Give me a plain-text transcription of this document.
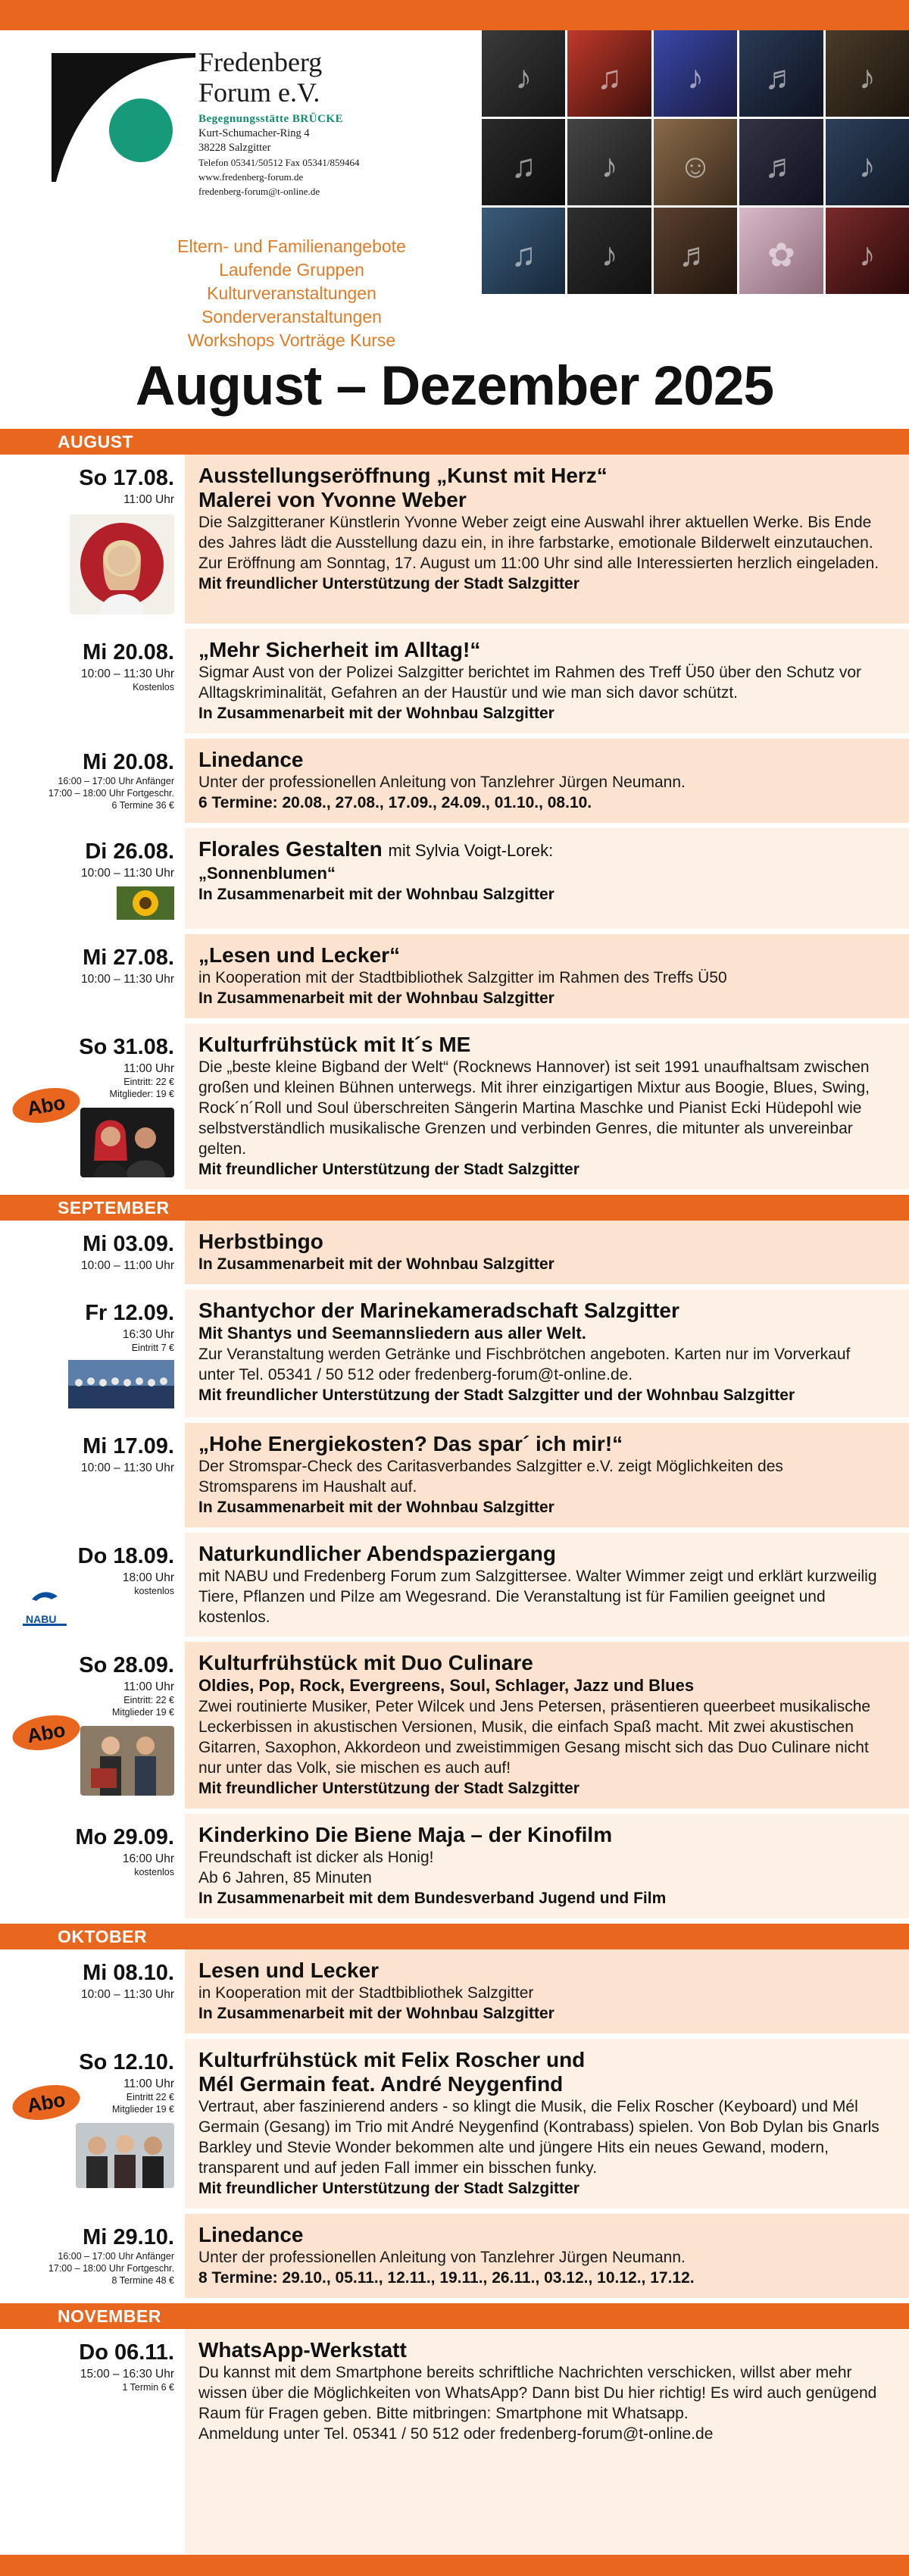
Fredenberg
Forum e.V.
Begegnungsstätte BRÜCKE
Kurt-Schumacher-Ring 4
38228 Salzgitter
Telefon 05341/50512 Fax 05341/859464
www.fredenberg-forum.de
fredenberg-forum@t-online.de
Eltern- und Familienangebote
Laufende Gruppen
Kulturveranstaltungen
Sonderveranstaltungen
Workshops Vorträge Kurse
♪ ♫ ♪ ♬ ♪
♫ ♪ ☺ ♬ ♪
♫ ♪ ♬ ✿ ♪
August – Dezember 2025
AUGUST
So 17.08.
11:00 Uhr
Ausstellungseröffnung „Kunst mit Herz“
Malerei von Yvonne Weber
Die Salzgitteraner Künstlerin Yvonne Weber zeigt eine Auswahl ihrer aktuellen Werke. Bis Ende des Jahres lädt die Ausstellung dazu ein, in ihre farbstarke, emotionale Bilderwelt einzutauchen.
Zur Eröffnung am Sonntag, 17. August um 11:00 Uhr sind alle Interessierten herzlich eingeladen.
Mit freundlicher Unterstützung der Stadt Salzgitter
Mi 20.08.
10:00 – 11:30 Uhr
Kostenlos
„Mehr Sicherheit im Alltag!“
Sigmar Aust von der Polizei Salzgitter berichtet im Rahmen des Treff Ü50 über den Schutz vor Alltagskriminalität, Gefahren an der Haustür und wie man sich davor schützt.
In Zusammenarbeit mit der Wohnbau Salzgitter
Mi 20.08.
16:00 – 17:00 Uhr Anfänger
17:00 – 18:00 Uhr Fortgeschr.
6 Termine 36 €
Linedance
Unter der professionellen Anleitung von Tanzlehrer Jürgen Neumann.
6 Termine: 20.08., 27.08., 17.09., 24.09., 01.10., 08.10.
Di 26.08.
10:00 – 11:30 Uhr
Florales Gestalten mit Sylvia Voigt-Lorek:
„Sonnenblumen“
In Zusammenarbeit mit der Wohnbau Salzgitter
Mi 27.08.
10:00 – 11:30 Uhr
„Lesen und Lecker“
in Kooperation mit der Stadtbibliothek Salzgitter im Rahmen des Treffs Ü50
In Zusammenarbeit mit der Wohnbau Salzgitter
So 31.08.
11:00 Uhr
Eintritt: 22 €
Mitglieder: 19 €
Abo
Kulturfrühstück mit It´s ME
Die „beste kleine Bigband der Welt“ (Rocknews Hannover) ist seit 1991 unaufhaltsam zwischen großen und kleinen Bühnen unterwegs. Mit ihrer einzigartigen Mixtur aus Boogie, Blues, Swing, Rock´n´Roll und Soul überschreiten Sängerin Martina Maschke und Pianist Ecki Hüdepohl wie selbstverständlich musikalische Grenzen und verbinden Genres, die mitunter als unvereinbar gelten.
Mit freundlicher Unterstützung der Stadt Salzgitter
SEPTEMBER
Mi 03.09.
10:00 – 11:00 Uhr
Herbstbingo
In Zusammenarbeit mit der Wohnbau Salzgitter
Fr 12.09.
16:30 Uhr
Eintritt 7 €
Shantychor der Marinekameradschaft Salzgitter
Mit Shantys und Seemannsliedern aus aller Welt.
Zur Veranstaltung werden Getränke und Fischbrötchen angeboten. Karten nur im Vorverkauf unter Tel. 05341 / 50 512 oder fredenberg-forum@t-online.de.
Mit freundlicher Unterstützung der Stadt Salzgitter und der Wohnbau Salzgitter
Mi 17.09.
10:00 – 11:30 Uhr
„Hohe Energiekosten? Das spar´ ich mir!“
Der Stromspar-Check des Caritasverbandes Salzgitter e.V. zeigt Möglichkeiten des Stromsparens im Haushalt auf.
In Zusammenarbeit mit der Wohnbau Salzgitter
Do 18.09.
18:00 Uhr
kostenlos
NABU
Naturkundlicher Abendspaziergang
mit NABU und Fredenberg Forum zum Salzgittersee. Walter Wimmer zeigt und erklärt kurzweilig Tiere, Pflanzen und Pilze am Wegesrand. Die Veranstaltung ist für Familien geeignet und kostenlos.
So 28.09.
11:00 Uhr
Eintritt: 22 €
Mitglieder 19 €
Abo
Kulturfrühstück mit Duo Culinare
Oldies, Pop, Rock, Evergreens, Soul, Schlager, Jazz und Blues
Zwei routinierte Musiker, Peter Wilcek und Jens Petersen, präsentieren queerbeet musikalische Leckerbissen in akustischen Versionen, Musik, die einfach Spaß macht. Mit zwei akustischen Gitarren, Saxophon, Akkordeon und zweistimmigen Gesang mischt sich das Duo Culinare nicht nur unter das Volk, sie mischen es auch auf!
Mit freundlicher Unterstützung der Stadt Salzgitter
Mo 29.09.
16:00 Uhr
kostenlos
Kinderkino Die Biene Maja – der Kinofilm
Freundschaft ist dicker als Honig!
Ab 6 Jahren, 85 Minuten
In Zusammenarbeit mit dem Bundesverband Jugend und Film
OKTOBER
Mi 08.10.
10:00 – 11:30 Uhr
Lesen und Lecker
in Kooperation mit der Stadtbibliothek Salzgitter
In Zusammenarbeit mit der Wohnbau Salzgitter
So 12.10.
11:00 Uhr
Eintritt 22 €
Mitglieder 19 €
Abo
Kulturfrühstück mit Felix Roscher und
Mél Germain feat. André Neygenfind
Vertraut, aber faszinierend anders - so klingt die Musik, die Felix Roscher (Keyboard) und Mél Germain (Gesang) im Trio mit André Neygenfind (Kontrabass) spielen. Von Bob Dylan bis Gnarls Barkley und Stevie Wonder bekommen alte und jüngere Hits ein neues Gewand, modern, transparent und auf jeden Fall immer ein bisschen funky.
Mit freundlicher Unterstützung der Stadt Salzgitter
Mi 29.10.
16:00 – 17:00 Uhr Anfänger
17:00 – 18:00 Uhr Fortgeschr.
8 Termine 48 €
Linedance
Unter der professionellen Anleitung von Tanzlehrer Jürgen Neumann.
8 Termine: 29.10., 05.11., 12.11., 19.11., 26.11., 03.12., 10.12., 17.12.
NOVEMBER
Do 06.11.
15:00 – 16:30 Uhr
1 Termin 6 €
WhatsApp-Werkstatt
Du kannst mit dem Smartphone bereits schriftliche Nachrichten verschicken, willst aber mehr wissen über die Möglichkeiten von WhatsApp? Dann bist Du hier richtig! Es wird auch genügend Raum für Fragen geben. Bitte mitbringen: Smartphone mit Whatsapp.
Anmeldung unter Tel. 05341 / 50 512 oder fredenberg-forum@t-online.de
